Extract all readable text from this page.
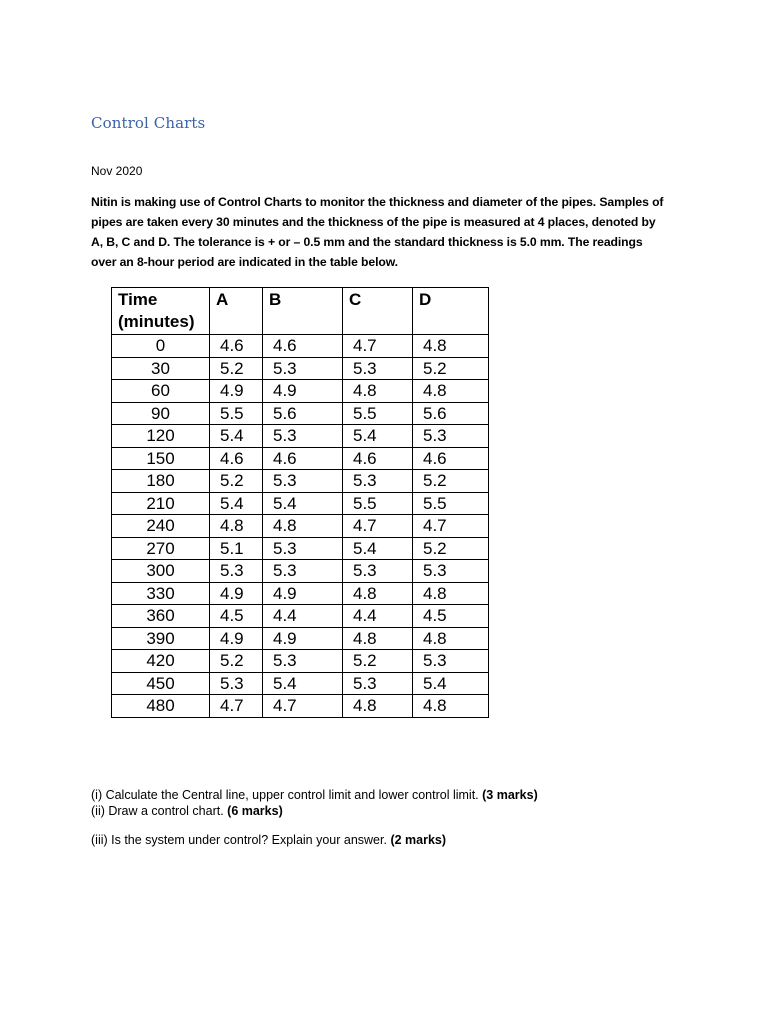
Control Charts
Nov 2020
Nitin is making use of Control Charts to monitor the thickness and diameter of the pipes. Samples of
pipes are taken every 30 minutes and the thickness of the pipe is measured at 4 places, denoted by
A, B, C and D. The tolerance is + or – 0.5 mm and the standard thickness is 5.0 mm. The readings
over an 8-hour period are indicated in the table below.
Time
(minutes)	A	B	C	D
0	4.6	4.6	4.7	4.8
30	5.2	5.3	5.3	5.2
60	4.9	4.9	4.8	4.8
90	5.5	5.6	5.5	5.6
120	5.4	5.3	5.4	5.3
150	4.6	4.6	4.6	4.6
180	5.2	5.3	5.3	5.2
210	5.4	5.4	5.5	5.5
240	4.8	4.8	4.7	4.7
270	5.1	5.3	5.4	5.2
300	5.3	5.3	5.3	5.3
330	4.9	4.9	4.8	4.8
360	4.5	4.4	4.4	4.5
390	4.9	4.9	4.8	4.8
420	5.2	5.3	5.2	5.3
450	5.3	5.4	5.3	5.4
480	4.7	4.7	4.8	4.8
(i) Calculate the Central line, upper control limit and lower control limit. (3 marks)
(ii) Draw a control chart. (6 marks)
(iii) Is the system under control? Explain your answer. (2 marks)
